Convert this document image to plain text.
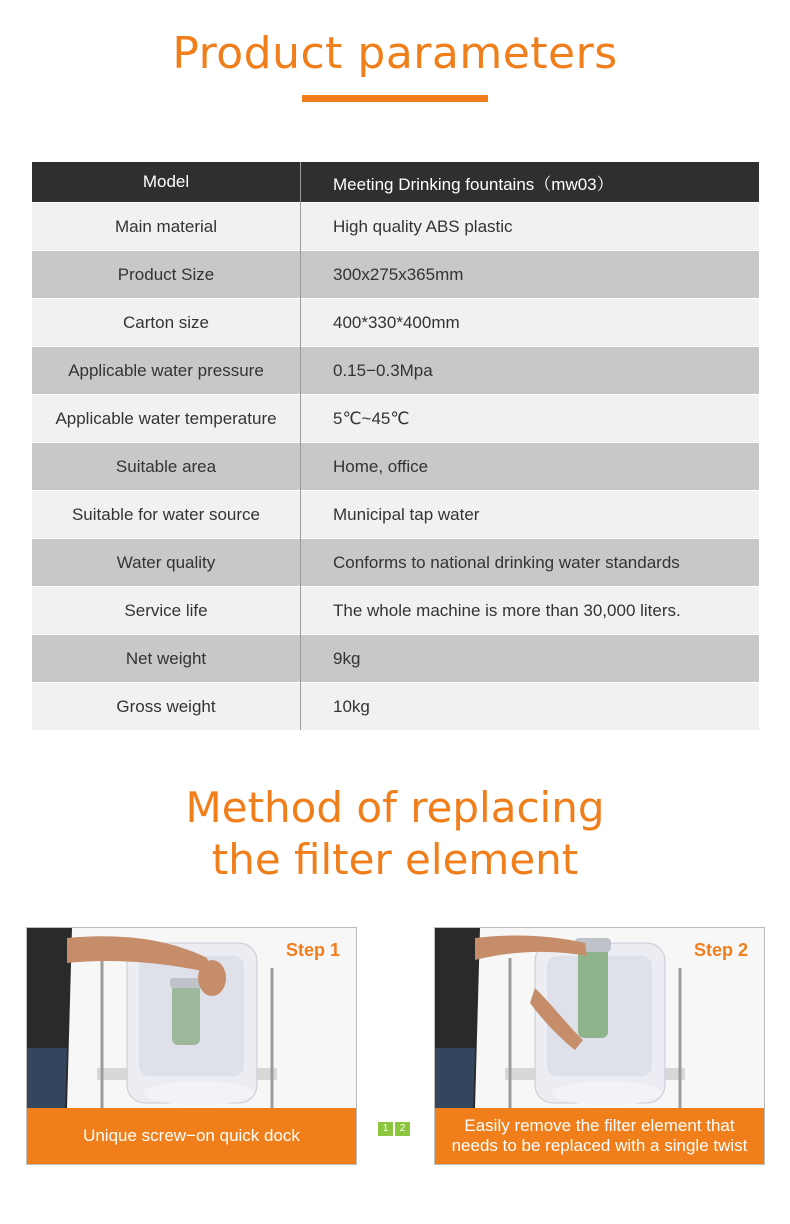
Product parameters
Model	Meeting Drinking fountains（mw03）
Main material	High quality ABS plastic
Product Size	300x275x365mm
Carton size	400*330*400mm
Applicable water pressure	0.15−0.3Mpa
Applicable water temperature	5℃~45℃
Suitable area	Home, office
Suitable for water source	Municipal tap water
Water quality	Conforms to national drinking water standards
Service life	The whole machine is more than 30,000 liters.
Net weight	9kg
Gross weight	10kg
Method of replacing
the filter element
Step 1
Unique screw−on quick dock	1	2
Step 2
Easily remove the filter element that needs to be replaced with a single twist
